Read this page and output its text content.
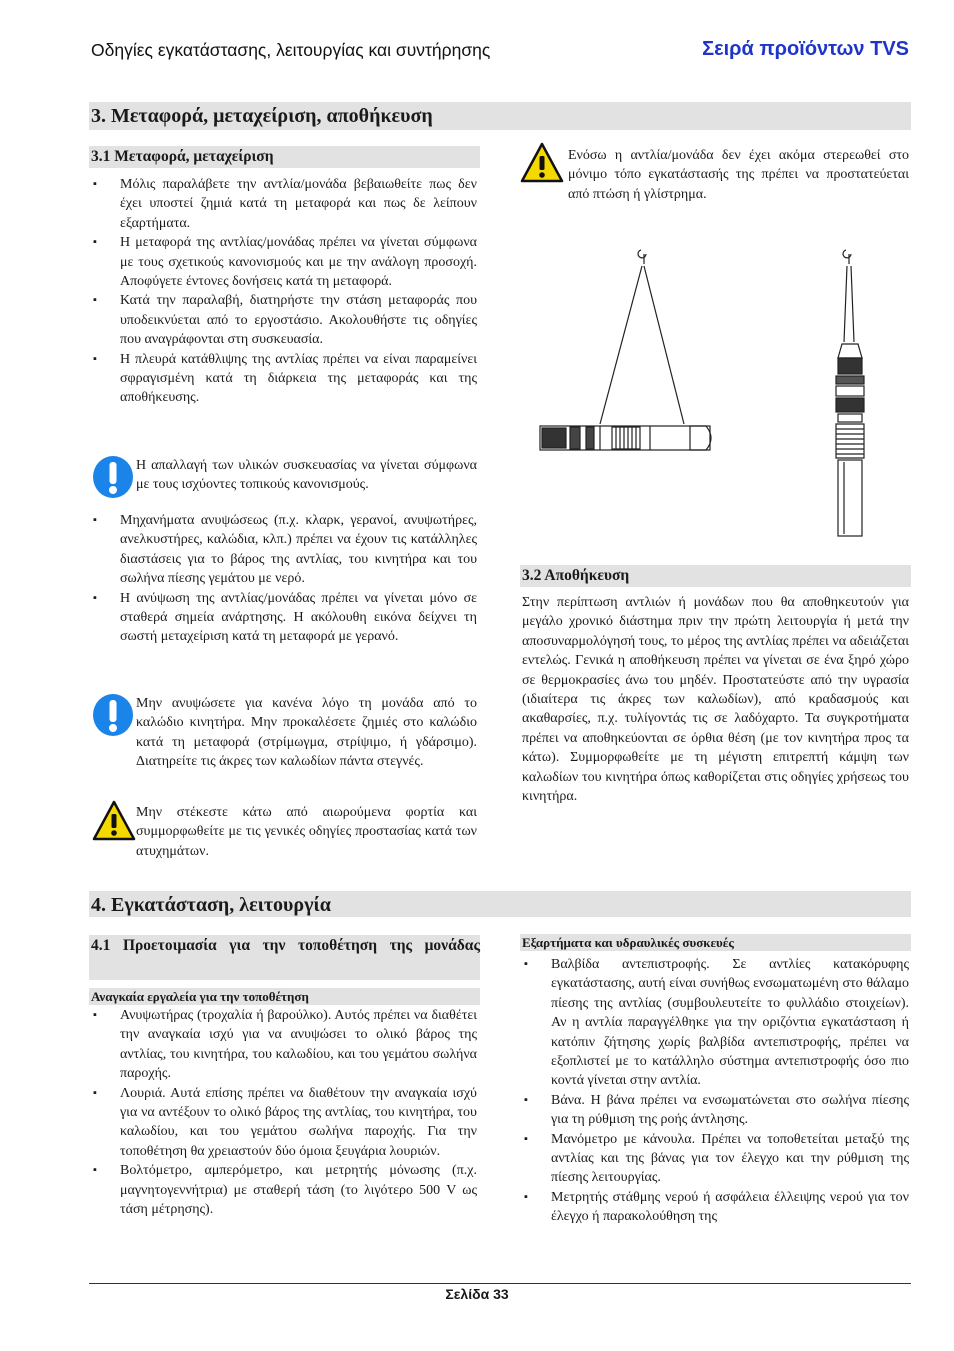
Οδηγίες εγκατάστασης, λειτουργίας και συντήρησης	Σειρά προϊόντων TVS
3. Μεταφορά, μεταχείριση, αποθήκευση
3.1 Μεταφορά, μεταχείριση
▪ Μόλις παραλάβετε την αντλία/μονάδα βεβαιωθείτε πως δεν έχει υποστεί ζημιά κατά τη μεταφορά και πως δε λείπουν εξαρτήματα.
▪ Η μεταφορά της αντλίας/μονάδας πρέπει να γίνεται σύμφωνα με τους σχετικούς κανονισμούς και με την ανάλογη προσοχή. Αποφύγετε έντονες δονήσεις κατά τη μεταφορά.
▪ Κατά την παραλαβή, διατηρήστε την στάση μεταφοράς που υποδεικνύεται από το εργοστάσιο. Ακολουθήστε τις οδηγίες που αναγράφονται στη συσκευασία.
▪ Η πλευρά κατάθλιψης της αντλίας πρέπει να είναι παραμείνει σφραγισμένη κατά τη διάρκεια της μεταφοράς και της αποθήκευσης.
Η απαλλαγή των υλικών συσκευασίας να γίνεται σύμφωνα με τους ισχύοντες τοπικούς κανονισμούς.
▪ Μηχανήματα ανυψώσεως (π.χ. κλαρκ, γερανοί, ανυψωτήρες, ανελκυστήρες, καλώδια, κλπ.) πρέπει να έχουν τις κατάλληλες διαστάσεις για το βάρος της αντλίας, του κινητήρα και του σωλήνα πίεσης γεμάτου με νερό.
▪ Η ανύψωση της αντλίας/μονάδας πρέπει να γίνεται μόνο σε σταθερά σημεία ανάρτησης. Η ακόλουθη εικόνα δείχνει τη σωστή μεταχείριση κατά τη μεταφορά με γερανό.
Μην ανυψώσετε για κανένα λόγο τη μονάδα από το καλώδιο κινητήρα. Μην προκαλέσετε ζημιές στο καλώδιο κατά τη μεταφορά (στρίμωγμα, στρίψιμο, ή γδάρσιμο). Διατηρείτε τις άκρες των καλωδίων πάντα στεγνές.
Μην στέκεστε κάτω από αιωρούμενα φορτία και συμμορφωθείτε με τις γενικές οδηγίες προστασίας κατά των ατυχημάτων.
Ενόσω η αντλία/μονάδα δεν έχει ακόμα στερεωθεί στο μόνιμο τόπο εγκατάστασής της πρέπει να προστατεύεται από πτώση ή γλίστρημα.
3.2 Αποθήκευση
Στην περίπτωση αντλιών ή μονάδων που θα αποθηκευτούν για μεγάλο χρονικό διάστημα πριν την πρώτη λειτουργία ή μετά την αποσυναρμολόγησή τους, το μέρος της αντλίας πρέπει να αδειάζεται εντελώς. Γενικά η αποθήκευση πρέπει να γίνεται σε ένα ξηρό χώρο σε θερμοκρασίες άνω του μηδέν. Προστατεύστε από την υγρασία (ιδιαίτερα τις άκρες των καλωδίων), από κραδασμούς και ακαθαρσίες, π.χ. τυλίγοντάς τις σε λαδόχαρτο. Τα συγκροτήματα πρέπει να αποθηκεύονται σε όρθια θέση (με τον κινητήρα προς τα κάτω). Συμμορφωθείτε με τη μέγιστη επιτρεπτή κάμψη των καλωδίων του κινητήρα όπως καθορίζεται στις οδηγίες χρήσεως του κινητήρα.
4. Εγκατάσταση, λειτουργία
4.1 Προετοιμασία για την τοποθέτηση της μονάδας
Αναγκαία εργαλεία για την τοποθέτηση
▪ Ανυψωτήρας (τροχαλία ή βαρούλκο). Αυτός πρέπει να διαθέτει την αναγκαία ισχύ για να ανυψώσει το ολικό βάρος της αντλίας, του κινητήρα, του καλωδίου, και του γεμάτου σωλήνα παροχής.
▪ Λουριά. Αυτά επίσης πρέπει να διαθέτουν την αναγκαία ισχύ για να αντέξουν το ολικό βάρος της αντλίας, του κινητήρα, του καλωδίου, και του γεμάτου σωλήνα παροχής. Για την τοποθέτηση θα χρειαστούν δύο όμοια ξευγάρια λουριών.
▪ Βολτόμετρο, αμπερόμετρο, και μετρητής μόνωσης (π.χ. μαγνητογεννήτρια) με σταθερή τάση (το λιγότερο 500 V ως τάση μέτρησης).
Εξαρτήματα και υδραυλικές συσκευές
▪ Βαλβίδα αντεπιστροφής. Σε αντλίες κατακόρυφης εγκατάστασης, αυτή είναι συνήθως ενσωματωμένη στο θάλαμο πίεσης της αντλίας (συμβουλευτείτε το φυλλάδιο στοιχείων). Αν η αντλία παραγγέλθηκε για την οριζόντια εγκατάσταση ή κατόπιν ζήτησης χωρίς βαλβίδα αντεπιστροφής, πρέπει να εξοπλιστεί με το κατάλληλο σύστημα αντεπιστροφής όσο πιο κοντά γίνεται στην αντλία.
▪ Βάνα. Η βάνα πρέπει να ενσωματώνεται στο σωλήνα πίεσης για τη ρύθμιση της ροής άντλησης.
▪ Μανόμετρο με κάνουλα. Πρέπει να τοποθετείται μεταξύ της αντλίας και της βάνας για τον έλεγχο και την ρύθμιση της πίεσης λειτουργίας.
▪ Μετρητής στάθμης νερού ή ασφάλεια έλλειψης νερού για τον έλεγχο ή παρακολούθηση της
Σελίδα 33
